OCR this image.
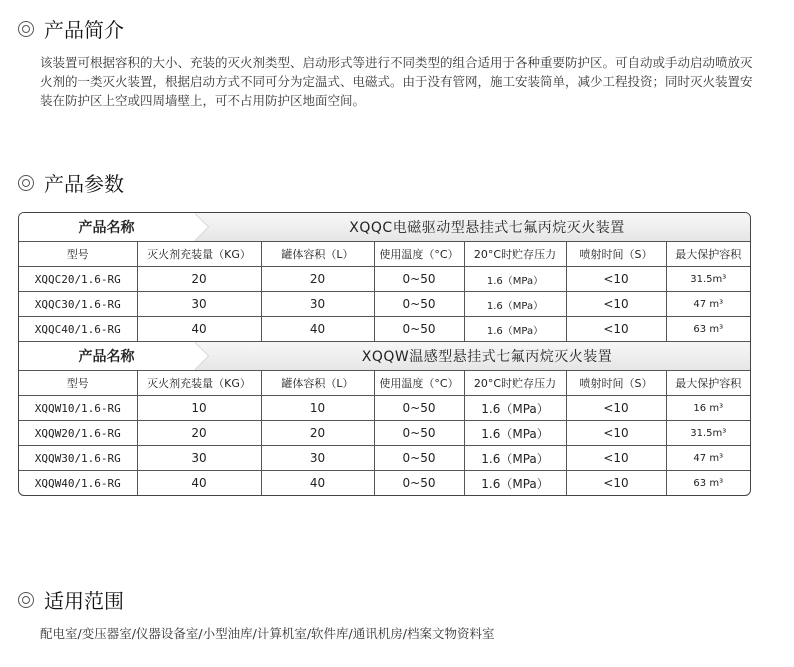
产品简介
该装置可根据容积的大小、充装的灭火剂类型、启动形式等进行不同类型的组合适用于各种重要防护区。可自动或手动启动喷放灭火剂的一类灭火装置，根据启动方式不同可分为定温式、电磁式。由于没有管网，施工安装简单，减少工程投资；同时灭火装置安装在防护区上空或四周墙壁上，可不占用防护区地面空间。
产品参数
产品名称	XQQC电磁驱动型悬挂式七氟丙烷灭火装置
型号	灭火剂充装量（KG）	罐体容积（L）	使用温度（°C）	20°C时贮存压力	喷射时间（S）	最大保护容积
XQQC20/1.6-RG	20	20	0~50	1.6（MPa）	<10	31.5m³
XQQC30/1.6-RG	30	30	0~50	1.6（MPa）	<10	47 m³
XQQC40/1.6-RG	40	40	0~50	1.6（MPa）	<10	63 m³
产品名称	XQQW温感型悬挂式七氟丙烷灭火装置
型号	灭火剂充装量（KG）	罐体容积（L）	使用温度（°C）	20°C时贮存压力	喷射时间（S）	最大保护容积
XQQW10/1.6-RG	10	10	0~50	1.6（MPa）	<10	16 m³
XQQW20/1.6-RG	20	20	0~50	1.6（MPa）	<10	31.5m³
XQQW30/1.6-RG	30	30	0~50	1.6（MPa）	<10	47 m³
XQQW40/1.6-RG	40	40	0~50	1.6（MPa）	<10	63 m³
适用范围
配电室/变压器室/仪器设备室/小型油库/计算机室/软件库/通讯机房/档案文物资料室
